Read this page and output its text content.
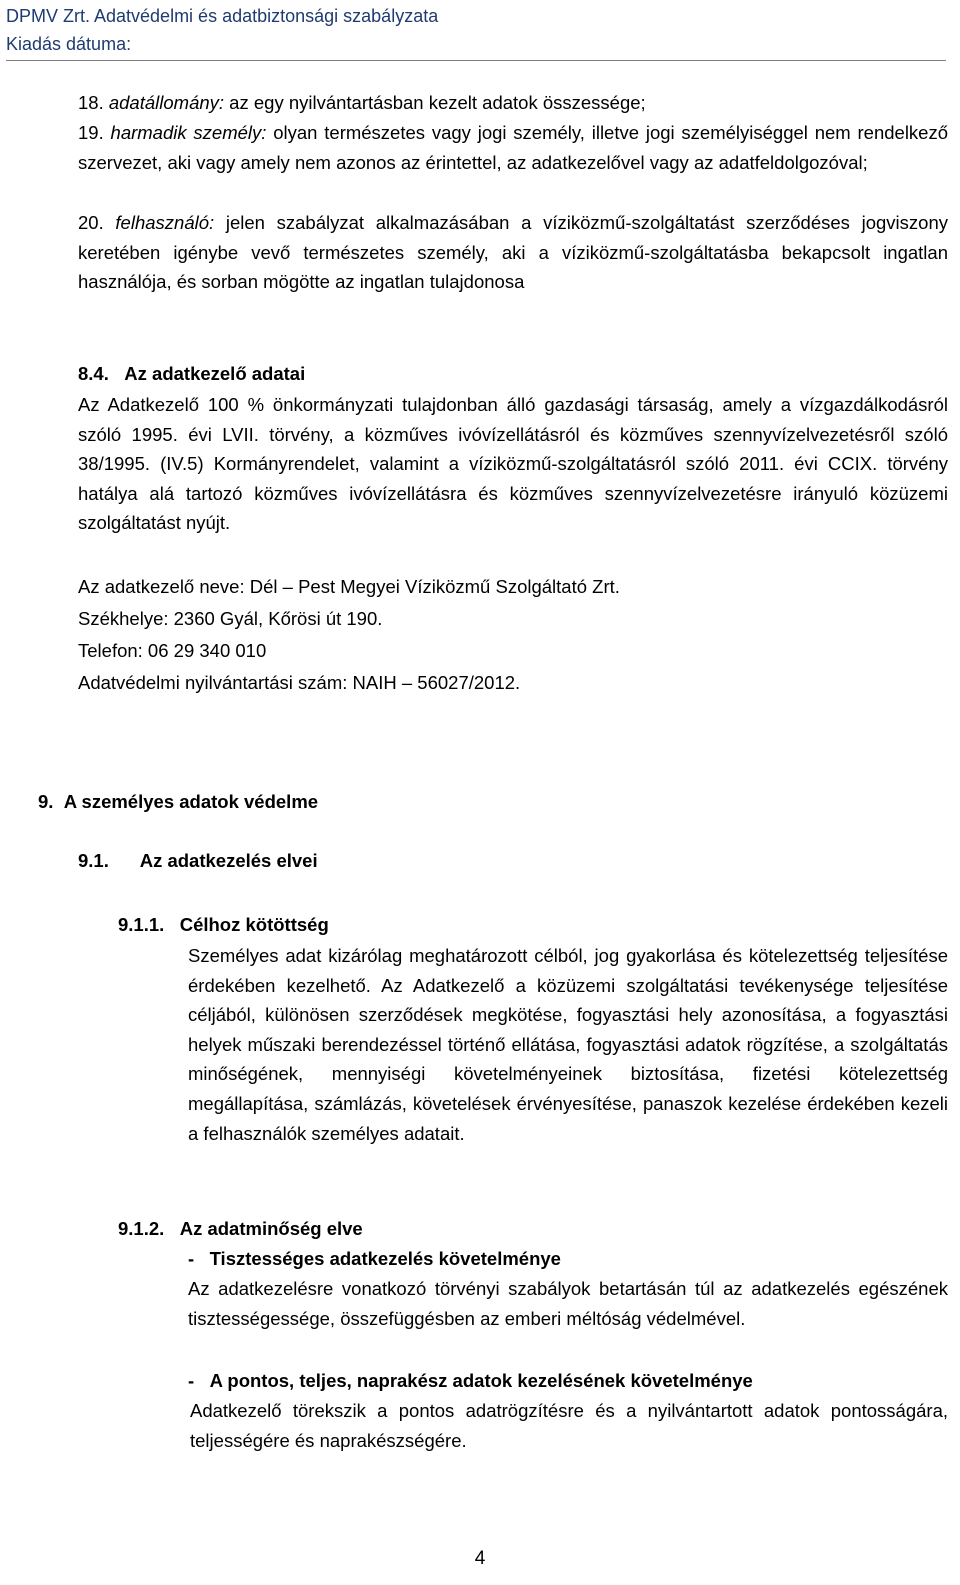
DPMV Zrt. Adatvédelmi és adatbiztonsági szabályzata
Kiadás dátuma:
18. adatállomány: az egy nyilvántartásban kezelt adatok összessége;
19. harmadik személy: olyan természetes vagy jogi személy, illetve jogi személyiséggel nem rendelkező szervezet, aki vagy amely nem azonos az érintettel, az adatkezelővel vagy az adatfeldolgozóval;
20. felhasználó: jelen szabályzat alkalmazásában a víziközmű-szolgáltatást szerződéses jogviszony keretében igénybe vevő természetes személy, aki a víziközmű-szolgáltatásba bekapcsolt ingatlan használója, és sorban mögötte az ingatlan tulajdonosa
8.4. Az adatkezelő adatai
Az Adatkezelő 100 % önkormányzati tulajdonban álló gazdasági társaság, amely a vízgazdálkodásról szóló 1995. évi LVII. törvény, a közműves ivóvízellátásról és közműves szennyvízelvezetésről szóló 38/1995. (IV.5) Kormányrendelet, valamint a víziközmű-szolgáltatásról szóló 2011. évi CCIX. törvény hatálya alá tartozó közműves ivóvízellátásra és közműves szennyvízelvezetésre irányuló közüzemi szolgáltatást nyújt.
Az adatkezelő neve: Dél – Pest Megyei Víziközmű Szolgáltató Zrt.
Székhelye: 2360 Gyál, Kőrösi út 190.
Telefon: 06 29 340 010
Adatvédelmi nyilvántartási szám: NAIH – 56027/2012.
9. A személyes adatok védelme
9.1. Az adatkezelés elvei
9.1.1. Célhoz kötöttség
Személyes adat kizárólag meghatározott célból, jog gyakorlása és kötelezettség teljesítése érdekében kezelhető. Az Adatkezelő a közüzemi szolgáltatási tevékenysége teljesítése céljából, különösen szerződések megkötése, fogyasztási hely azonosítása, a fogyasztási helyek műszaki berendezéssel történő ellátása, fogyasztási adatok rögzítése, a szolgáltatás minőségének, mennyiségi követelményeinek biztosítása, fizetési kötelezettség megállapítása, számlázás, követelések érvényesítése, panaszok kezelése érdekében kezeli a felhasználók személyes adatait.
9.1.2. Az adatminőség elve
- Tisztességes adatkezelés követelménye
Az adatkezelésre vonatkozó törvényi szabályok betartásán túl az adatkezelés egészének tisztességessége, összefüggésben az emberi méltóság védelmével.
- A pontos, teljes, naprakész adatok kezelésének követelménye
Adatkezelő törekszik a pontos adatrögzítésre és a nyilvántartott adatok pontosságára, teljességére és naprakészségére.
4
